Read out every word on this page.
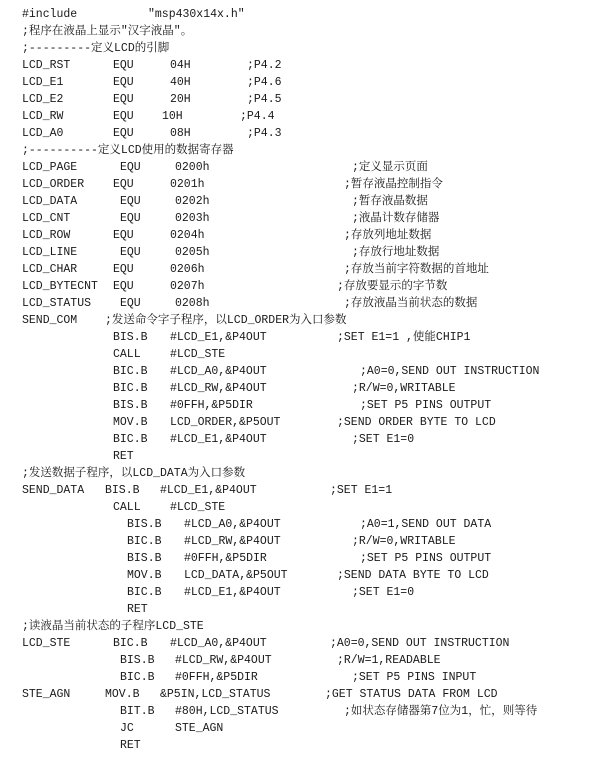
#include	"msp430x14x.h"
;程序在液晶上显示"汉字液晶"。
;---------定义LCD的引脚
LCD_RST	EQU	04H	;P4.2
LCD_E1	EQU	40H	;P4.6
LCD_E2	EQU	20H	;P4.5
LCD_RW	EQU 10H	;P4.4
LCD_A0	EQU	08H	;P4.3
;----------定义LCD使用的数据寄存器
LCD_PAGE	EQU	0200h	;定义显示页面
LCD_ORDER	EQU	0201h	;暂存液晶控制指令
LCD_DATA	EQU	0202h	;暂存液晶数据
LCD_CNT	EQU	0203h	;液晶计数存储器
LCD_ROW	EQU	0204h	;存放列地址数据
LCD_LINE	EQU	0205h	;存放行地址数据
LCD_CHAR	EQU	0206h	;存放当前字符数据的首地址
LCD_BYTECNT EQU	0207h	;存放要显示的字节数
LCD_STATUS	EQU	0208h	;存放液晶当前状态的数据
SEND_COM ;发送命令字子程序，以LCD_ORDER为入口参数
BIS.B #LCD_E1,&P4OUT	;SET E1=1 ,使能CHIP1
CALL	#LCD_STE
BIC.B #LCD_A0,&P4OUT	;A0=0,SEND OUT INSTRUCTION
BIC.B #LCD_RW,&P4OUT	;R/W=0,WRITABLE
BIS.B #0FFH,&P5DIR	;SET P5 PINS OUTPUT
MOV.B LCD_ORDER,&P5OUT	;SEND ORDER BYTE TO LCD
BIC.B #LCD_E1,&P4OUT	;SET E1=0
RET
;发送数据子程序，以LCD_DATA为入口参数
SEND_DATA BIS.B #LCD_E1,&P4OUT	;SET E1=1
CALL	#LCD_STE
BIS.B #LCD_A0,&P4OUT	;A0=1,SEND OUT DATA
BIC.B #LCD_RW,&P4OUT	;R/W=0,WRITABLE
BIS.B #0FFH,&P5DIR	;SET P5 PINS OUTPUT
MOV.B LCD_DATA,&P5OUT	;SEND DATA BYTE TO LCD
BIC.B #LCD_E1,&P4OUT	;SET E1=0
RET
;读液晶当前状态的子程序LCD_STE
LCD_STE	BIC.B #LCD_A0,&P4OUT	;A0=0,SEND OUT INSTRUCTION
BIS.B #LCD_RW,&P4OUT	;R/W=1,READABLE
BIC.B #0FFH,&P5DIR	;SET P5 PINS INPUT
STE_AGN	MOV.B &P5IN,LCD_STATUS	;GET STATUS DATA FROM LCD
BIT.B #80H,LCD_STATUS	;如状态存储器第7位为1，忙，则等待
JC	STE_AGN
RET
